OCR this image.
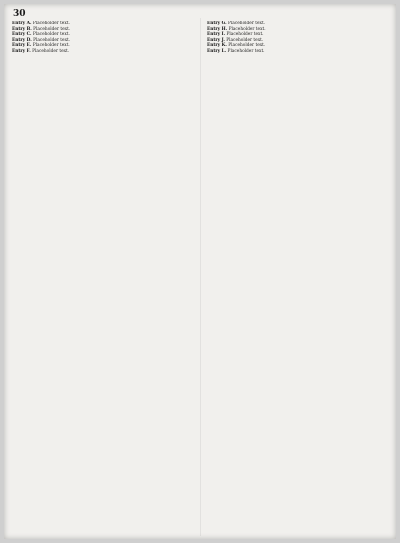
30

Entry A. Placeholder text.

Entry B. Placeholder text.

Entry C. Placeholder text.

Entry D. Placeholder text.

Entry E. Placeholder text.

Entry F. Placeholder text.

Entry G. Placeholder text.

Entry H. Placeholder text.

Entry I. Placeholder text.

Entry J. Placeholder text.

Entry K. Placeholder text.

Entry L. Placeholder text.
